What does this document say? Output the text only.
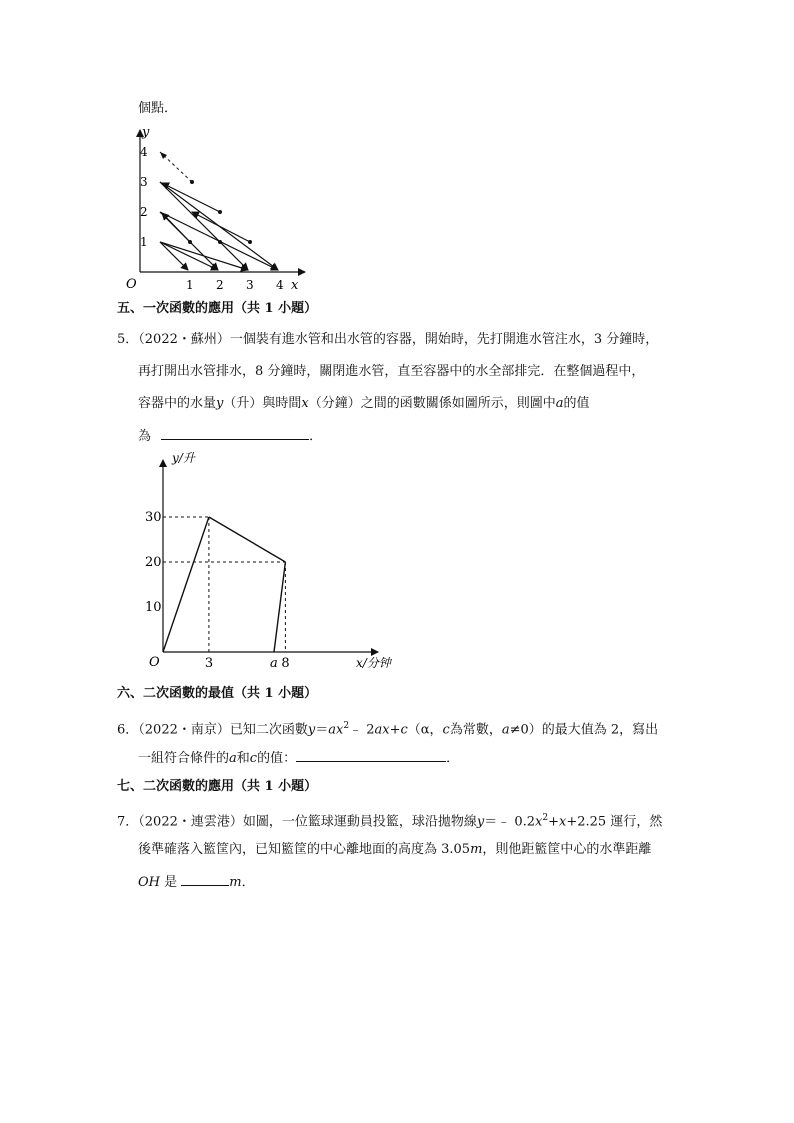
個點．
y
x
O	1 2 3 4
1
2
3
4
五、一次函數的應用（共 1 小題）
5．（2022・蘇州）一個裝有進水管和出水管的容器，開始時，先打開進水管注水，3 分鐘時，
再打開出水管排水，8 分鐘時，關閉進水管，直至容器中的水全部排完．在整個過程中，
容器中的水量y（升）與時間x（分鐘）之間的函數關係如圖所示，則圖中a的值
為	．
y/升
x/分钟
O
10
20
30
3	8
a
六、二次函數的最值（共 1 小題）
6．（2022・南京）已知二次函數$y=ax^2﹣$ 2ax+c（α，c為常數，a≠0）的最大值為 2，寫出
一組符合條件的a和c的值：	．
七、二次函數的應用（共 1 小題）
7．（2022・連雲港）如圖，一位籃球運動員投籃，球沿拋物線y＝﹣ $0.2x^2+x+2.25$ 運行，然
後準確落入籃筐內，已知籃筐的中心離地面的高度為 3.05m，則他距籃筐中心的水準距離
OH 是	m．
